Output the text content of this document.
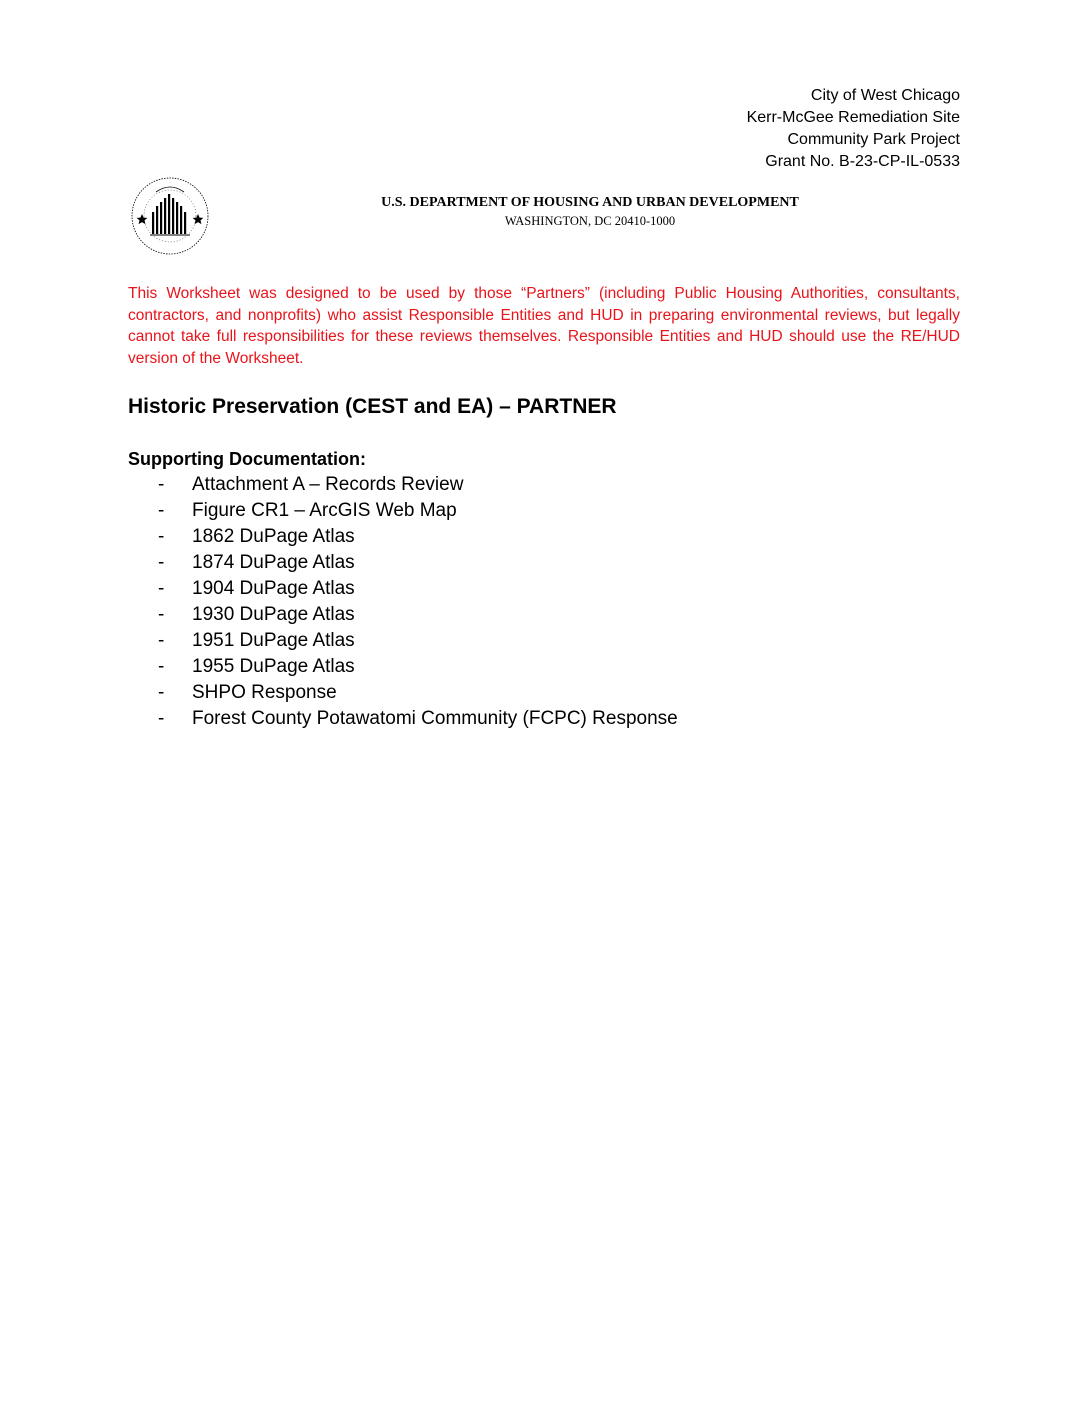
City of West Chicago
Kerr-McGee Remediation Site
Community Park Project
Grant No. B-23-CP-IL-0533
U.S. DEPARTMENT OF HOUSING AND URBAN DEVELOPMENT
WASHINGTON, DC 20410-1000
This Worksheet was designed to be used by those “Partners” (including Public Housing Authorities, consultants, contractors, and nonprofits) who assist Responsible Entities and HUD in preparing environmental reviews, but legally cannot take full responsibilities for these reviews themselves. Responsible Entities and HUD should use the RE/HUD version of the Worksheet.
Historic Preservation (CEST and EA) – PARTNER
Supporting Documentation:
- Attachment A – Records Review
- Figure CR1 – ArcGIS Web Map
- 1862 DuPage Atlas
- 1874 DuPage Atlas
- 1904 DuPage Atlas
- 1930 DuPage Atlas
- 1951 DuPage Atlas
- 1955 DuPage Atlas
- SHPO Response
- Forest County Potawatomi Community (FCPC) Response
